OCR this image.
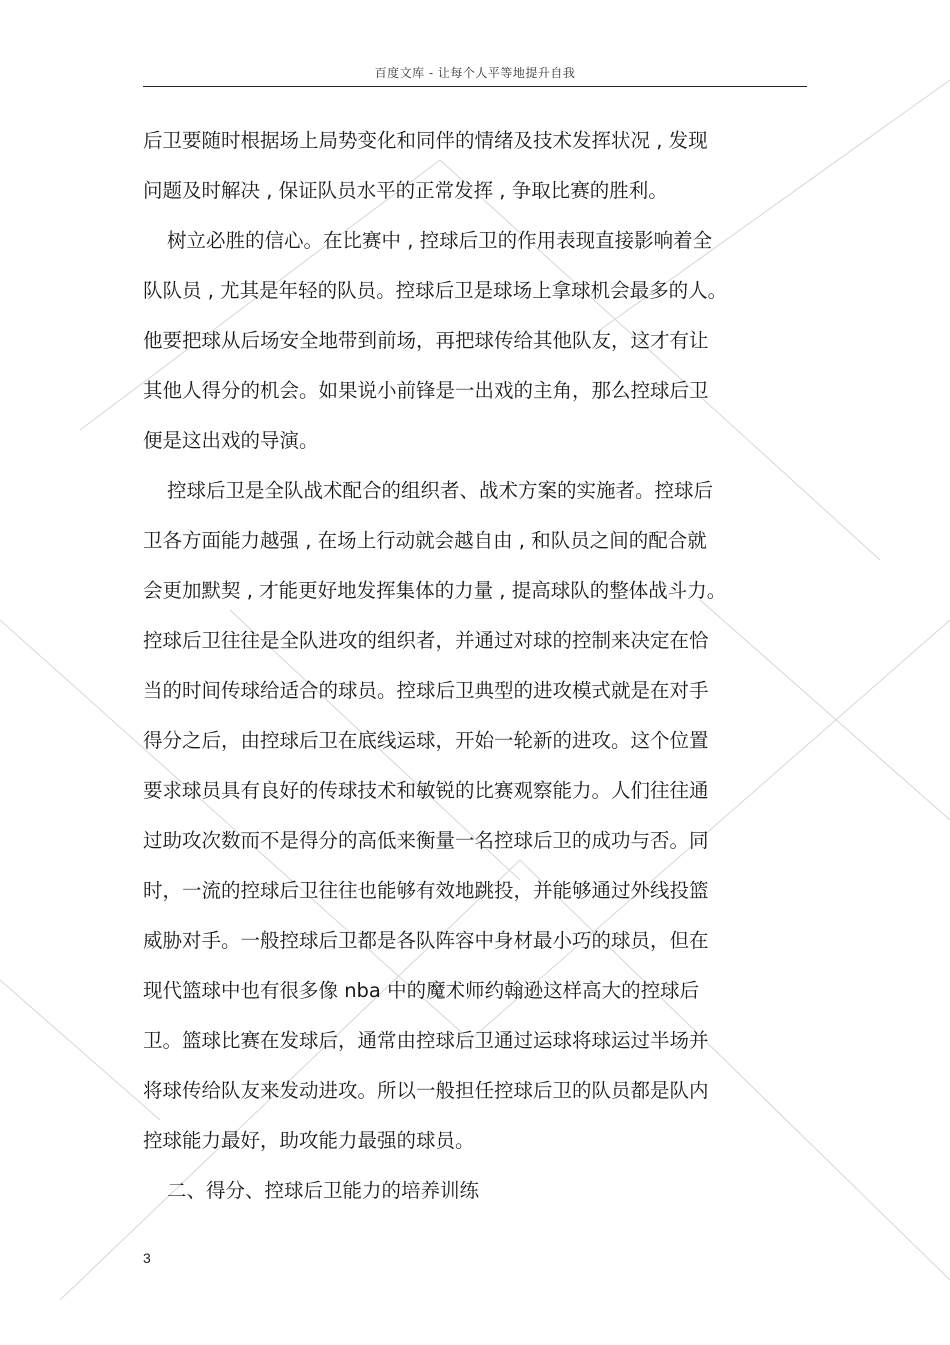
百度文库 - 让每个人平等地提升自我
后卫要随时根据场上局势变化和同伴的情绪及技术发挥状况 , 发现
问题及时解决 , 保证队员水平的正常发挥 , 争取比赛的胜利。
树立必胜的信心。在比赛中 , 控球后卫的作用表现直接影响着全
队队员 , 尤其是年轻的队员。控球后卫是球场上拿球机会最多的人。
他要把球从后场安全地带到前场，再把球传给其他队友，这才有让
其他人得分的机会。如果说小前锋是一出戏的主角，那么控球后卫
便是这出戏的导演。
控球后卫是全队战术配合的组织者、战术方案的实施者。控球后
卫各方面能力越强 , 在场上行动就会越自由 , 和队员之间的配合就
会更加默契 , 才能更好地发挥集体的力量 , 提高球队的整体战斗力。
控球后卫往往是全队进攻的组织者，并通过对球的控制来决定在恰
当的时间传球给适合的球员。控球后卫典型的进攻模式就是在对手
得分之后，由控球后卫在底线运球，开始一轮新的进攻。这个位置
要求球员具有良好的传球技术和敏锐的比赛观察能力。人们往往通
过助攻次数而不是得分的高低来衡量一名控球后卫的成功与否。同
时，一流的控球后卫往往也能够有效地跳投，并能够通过外线投篮
威胁对手。一般控球后卫都是各队阵容中身材最小巧的球员，但在
现代篮球中也有很多像 nba 中的魔术师约翰逊这样高大的控球后
卫。篮球比赛在发球后，通常由控球后卫通过运球将球运过半场并
将球传给队友来发动进攻。所以一般担任控球后卫的队员都是队内
控球能力最好，助攻能力最强的球员。
二、得分、控球后卫能力的培养训练
3
